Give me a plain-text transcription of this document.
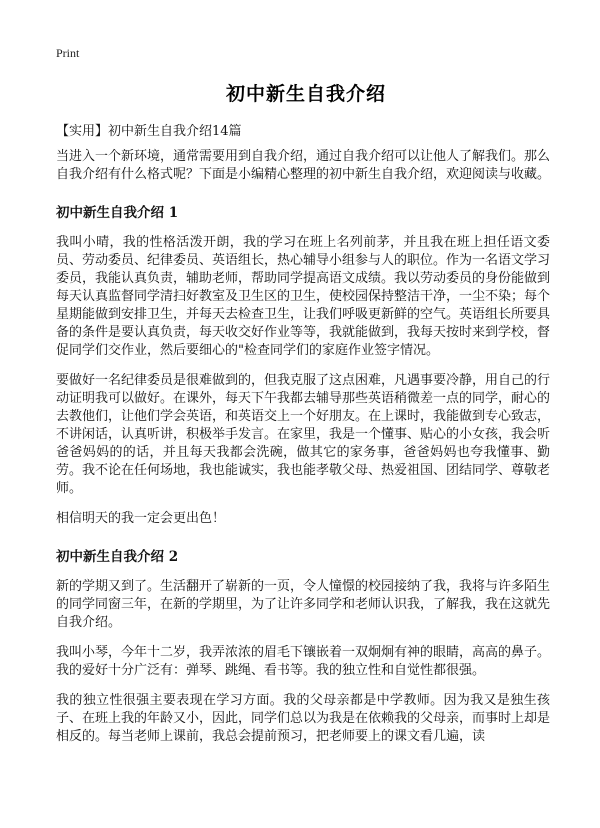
Print
初中新生自我介绍
【实用】初中新生自我介绍14篇

当进入一个新环境，通常需要用到自我介绍，通过自我介绍可以让他人了解我们。那么自我介绍有什么格式呢？下面是小编精心整理的初中新生自我介绍，欢迎阅读与收藏。

初中新生自我介绍 1

我叫小晴，我的性格活泼开朗，我的学习在班上名列前茅，并且我在班上担任语文委员、劳动委员、纪律委员、英语组长，热心辅导小组参与人的职位。作为一名语文学习委员，我能认真负责，辅助老师，帮助同学提高语文成绩。我以劳动委员的身份能做到每天认真监督同学清扫好教室及卫生区的卫生，使校园保持整洁干净，一尘不染；每个星期能做到安排卫生，并每天去检查卫生，让我们呼吸更新鲜的空气。英语组长所要具备的条件是要认真负责，每天收交好作业等等，我就能做到，我每天按时来到学校，督促同学们交作业，然后要细心的"检查同学们的家庭作业签字情况。

要做好一名纪律委员是很难做到的，但我克服了这点困难，凡遇事要冷静，用自己的行动证明我可以做好。在课外，每天下午我都去辅导那些英语稍微差一点的同学，耐心的去教他们，让他们学会英语，和英语交上一个好朋友。在上课时，我能做到专心致志，不讲闲话，认真听讲，积极举手发言。在家里，我是一个懂事、贴心的小女孩，我会听爸爸妈妈的的话，并且每天我都会洗碗，做其它的家务事，爸爸妈妈也夸我懂事、勤劳。我不论在任何场地，我也能诚实，我也能孝敬父母、热爱祖国、团结同学、尊敬老师。

相信明天的我一定会更出色！

初中新生自我介绍 2

新的学期又到了。生活翻开了崭新的一页，令人憧憬的校园接纳了我，我将与许多陌生的同学同窗三年，在新的学期里，为了让许多同学和老师认识我，了解我，我在这就先自我介绍。

我叫小琴，今年十二岁，我弄浓浓的眉毛下镶嵌着一双炯炯有神的眼睛，高高的鼻子。我的爱好十分广泛有：弹琴、跳绳、看书等。我的独立性和自觉性都很强。

我的独立性很强主要表现在学习方面。我的父母亲都是中学教师。因为我又是独生孩子、在班上我的年龄又小，因此，同学们总以为我是在依赖我的父母亲，而事时上却是相反的。每当老师上课前，我总会提前预习，把老师要上的课文看几遍，读
